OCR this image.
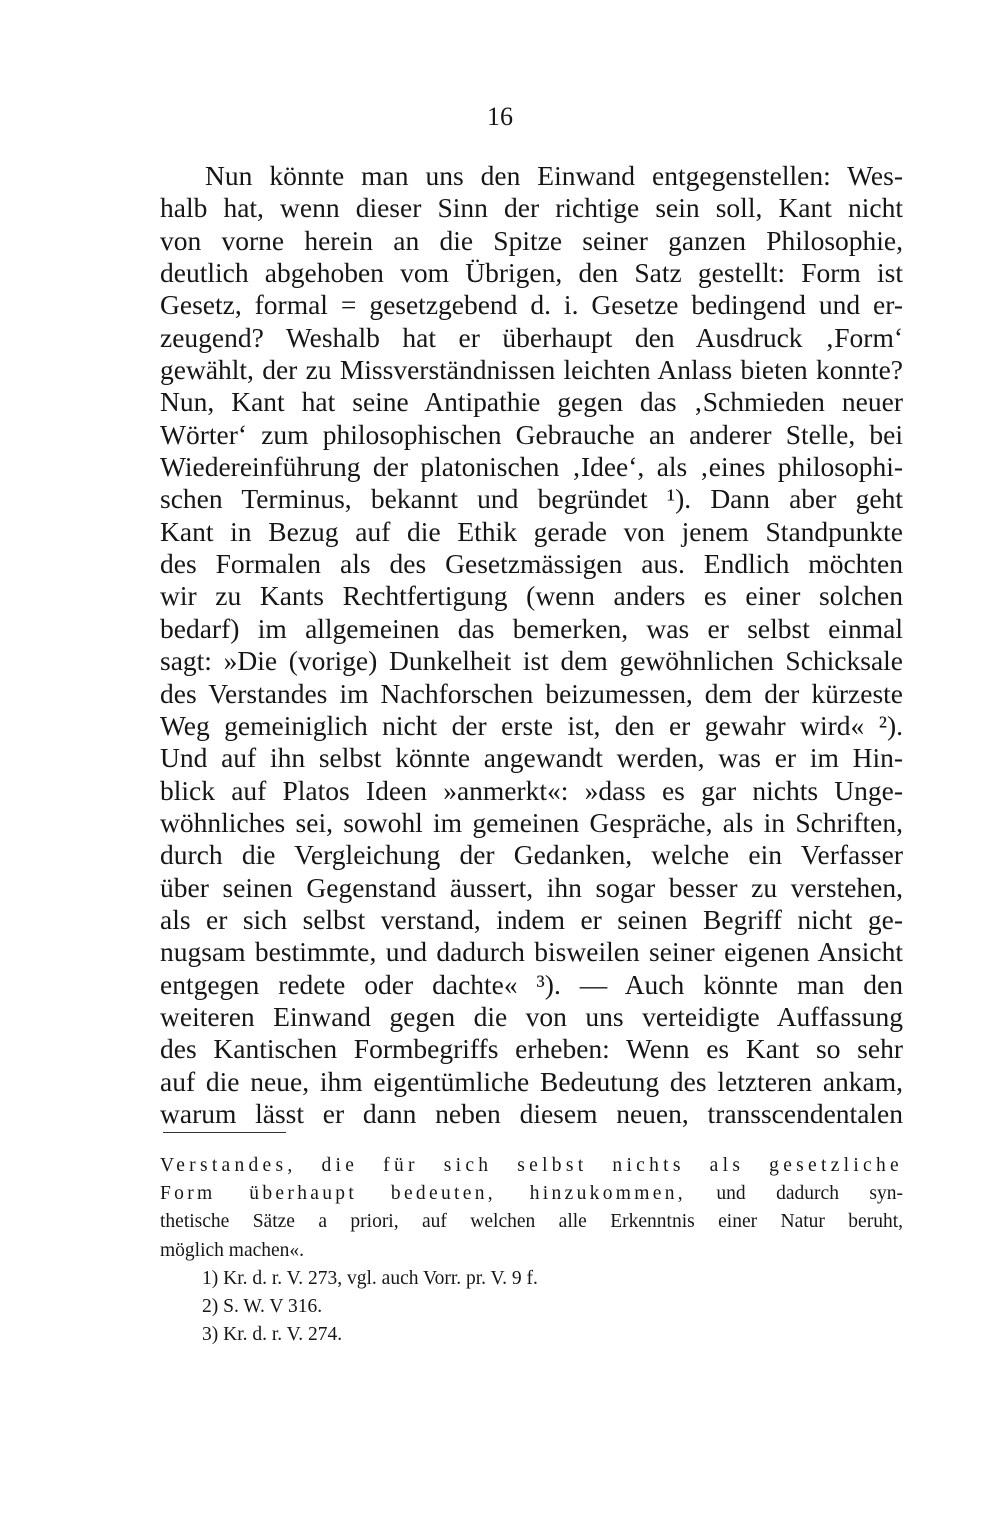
16
Nun könnte man uns den Einwand entgegenstellen: Wes-
halb hat, wenn dieser Sinn der richtige sein soll, Kant nicht
von vorne herein an die Spitze seiner ganzen Philosophie,
deutlich abgehoben vom Übrigen, den Satz gestellt: Form ist
Gesetz, formal = gesetzgebend d. i. Gesetze bedingend und er-
zeugend? Weshalb hat er überhaupt den Ausdruck ‚Form‘
gewählt, der zu Missverständnissen leichten Anlass bieten konnte?
Nun, Kant hat seine Antipathie gegen das ‚Schmieden neuer
Wörter‘ zum philosophischen Gebrauche an anderer Stelle, bei
Wiedereinführung der platonischen ‚Idee‘, als ‚eines philosophi-
schen Terminus, bekannt und begründet ¹). Dann aber geht
Kant in Bezug auf die Ethik gerade von jenem Standpunkte
des Formalen als des Gesetzmässigen aus. Endlich möchten
wir zu Kants Rechtfertigung (wenn anders es einer solchen
bedarf) im allgemeinen das bemerken, was er selbst einmal
sagt: »Die (vorige) Dunkelheit ist dem gewöhnlichen Schicksale
des Verstandes im Nachforschen beizumessen, dem der kürzeste
Weg gemeiniglich nicht der erste ist, den er gewahr wird« ²).
Und auf ihn selbst könnte angewandt werden, was er im Hin-
blick auf Platos Ideen »anmerkt«: »dass es gar nichts Unge-
wöhnliches sei, sowohl im gemeinen Gespräche, als in Schriften,
durch die Vergleichung der Gedanken, welche ein Verfasser
über seinen Gegenstand äussert, ihn sogar besser zu verstehen,
als er sich selbst verstand, indem er seinen Begriff nicht ge-
nugsam bestimmte, und dadurch bisweilen seiner eigenen Ansicht
entgegen redete oder dachte« ³). — Auch könnte man den
weiteren Einwand gegen die von uns verteidigte Auffassung
des Kantischen Formbegriffs erheben: Wenn es Kant so sehr
auf die neue, ihm eigentümliche Bedeutung des letzteren ankam,
warum lässt er dann neben diesem neuen, transscendentalen
Verstandes, die für sich selbst nichts als gesetzliche
Form überhaupt bedeuten, hinzukommen, und dadurch syn-
thetische Sätze a priori, auf welchen alle Erkenntnis einer Natur beruht,
möglich machen«.
1) Kr. d. r. V. 273, vgl. auch Vorr. pr. V. 9 f.
2) S. W. V 316.
3) Kr. d. r. V. 274.
